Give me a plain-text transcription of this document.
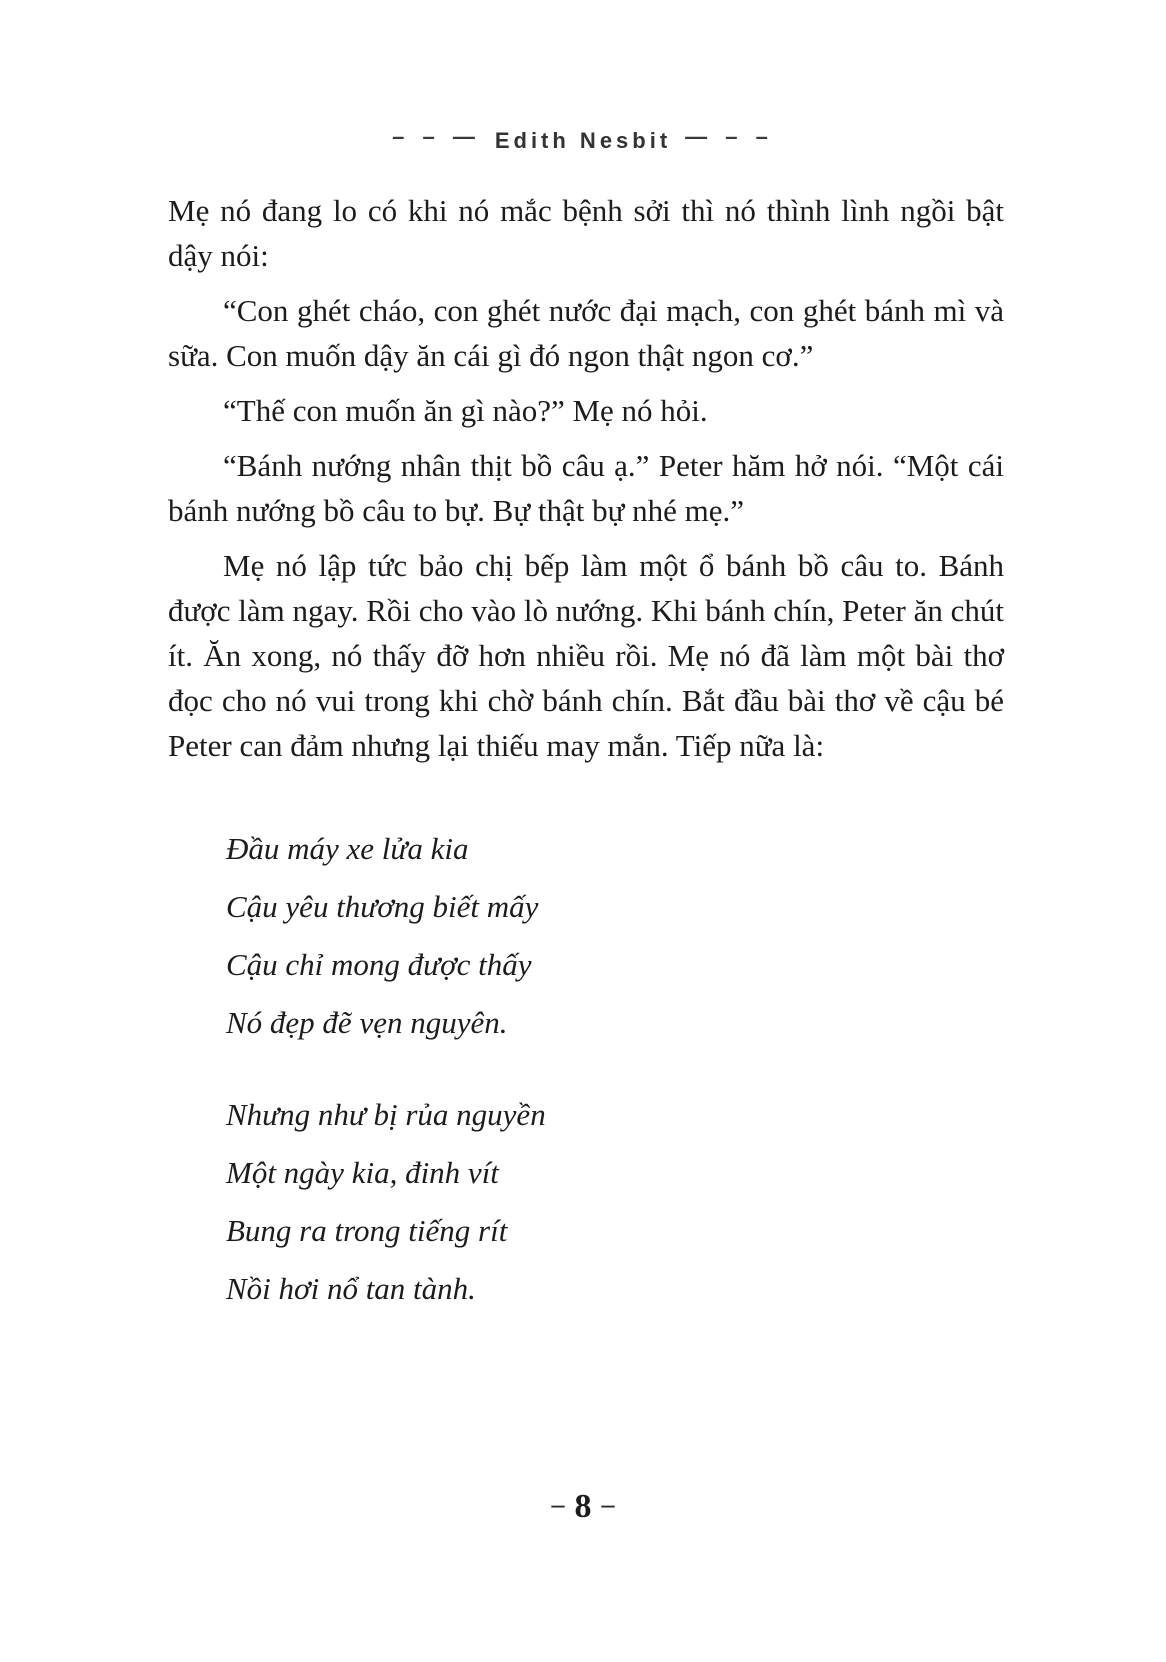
– – — Edith Nesbit — – –

Mẹ nó đang lo có khi nó mắc bệnh sởi thì nó thình lình ngồi bật dậy nói:

“Con ghét cháo, con ghét nước đại mạch, con ghét bánh mì và sữa. Con muốn dậy ăn cái gì đó ngon thật ngon cơ.”

“Thế con muốn ăn gì nào?” Mẹ nó hỏi.

“Bánh nướng nhân thịt bồ câu ạ.” Peter hăm hở nói. “Một cái bánh nướng bồ câu to bự. Bự thật bự nhé mẹ.”

Mẹ nó lập tức bảo chị bếp làm một ổ bánh bồ câu to. Bánh được làm ngay. Rồi cho vào lò nướng. Khi bánh chín, Peter ăn chút ít. Ăn xong, nó thấy đỡ hơn nhiều rồi. Mẹ nó đã làm một bài thơ đọc cho nó vui trong khi chờ bánh chín. Bắt đầu bài thơ về cậu bé Peter can đảm nhưng lại thiếu may mắn. Tiếp nữa là:

Đầu máy xe lửa kia
Cậu yêu thương biết mấy
Cậu chỉ mong được thấy
Nó đẹp đẽ vẹn nguyên.
Nhưng như bị rủa nguyền
Một ngày kia, đinh vít
Bung ra trong tiếng rít
Nồi hơi nổ tan tành.
– 8 –
